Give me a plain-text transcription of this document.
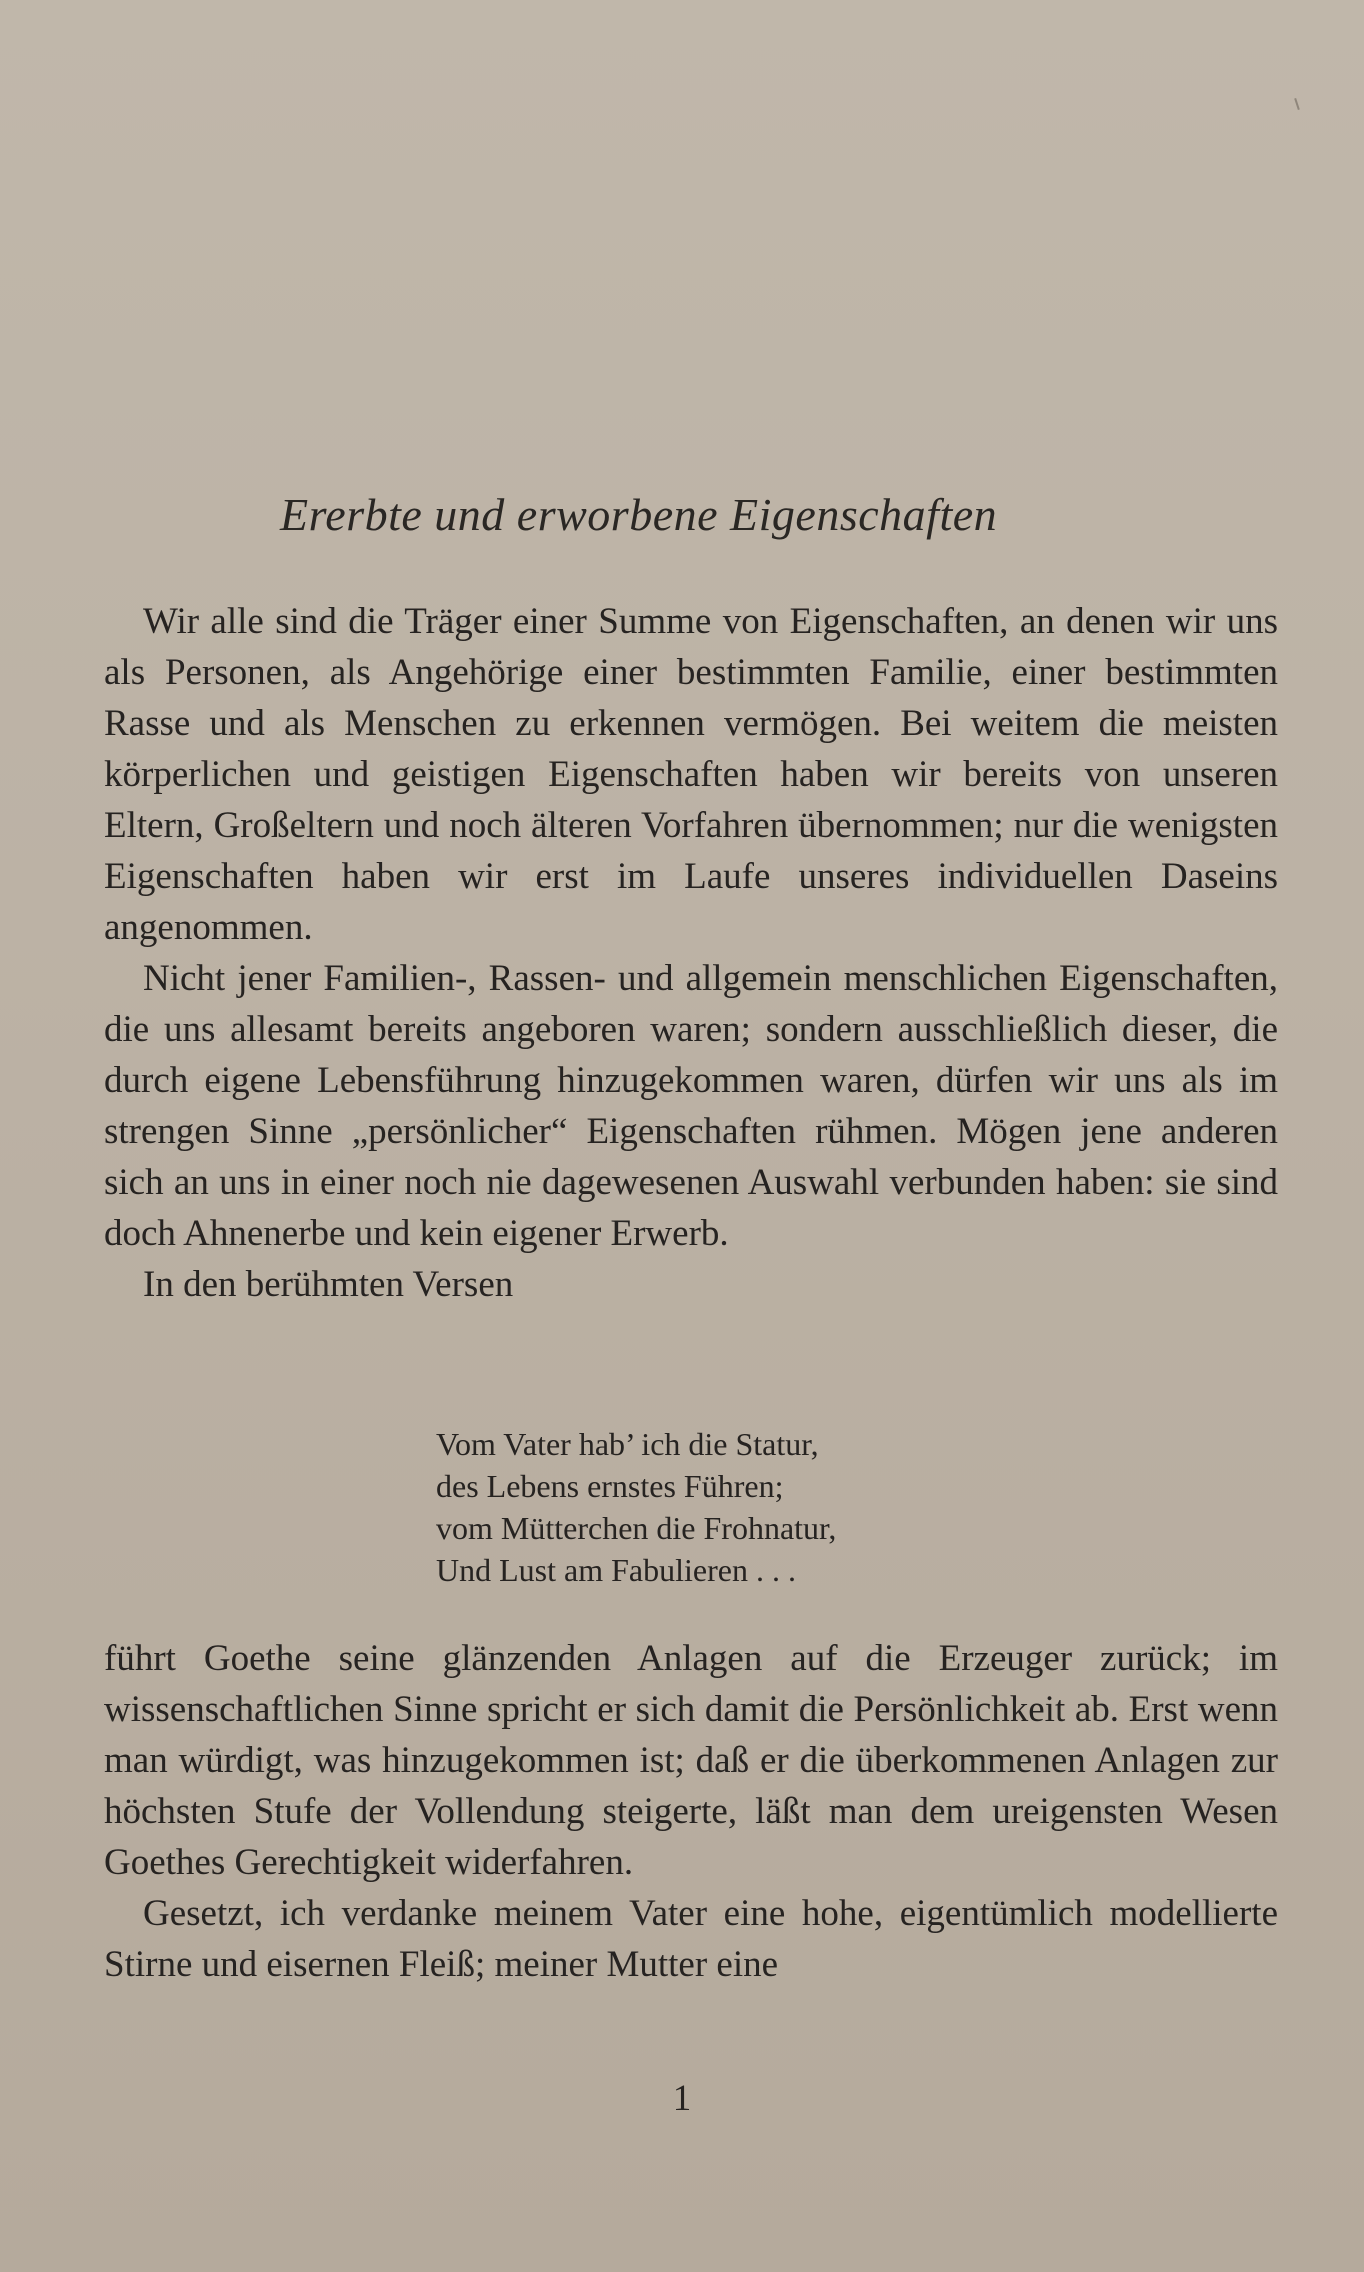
Ererbte und erworbene Eigenschaften

Wir alle sind die Träger einer Summe von Eigenschaften, an denen wir uns als Personen, als Angehörige einer bestimmten Familie, einer bestimmten Rasse und als Menschen zu erkennen vermögen. Bei weitem die meisten körperlichen und geistigen Eigenschaften haben wir bereits von unseren Eltern, Großeltern und noch älteren Vorfahren übernommen; nur die wenigsten Eigenschaften haben wir erst im Laufe unseres individuellen Daseins angenommen.

Nicht jener Familien-, Rassen- und allgemein menschlichen Eigenschaften, die uns allesamt bereits angeboren waren; sondern ausschließlich dieser, die durch eigene Lebensführung hinzugekommen waren, dürfen wir uns als im strengen Sinne „persönlicher“ Eigenschaften rühmen. Mögen jene anderen sich an uns in einer noch nie dagewesenen Auswahl verbunden haben: sie sind doch Ahnenerbe und kein eigener Erwerb.

In den berühmten Versen

Vom Vater hab’ ich die Statur,
des Lebens ernstes Führen;
vom Mütterchen die Frohnatur,
Und Lust am Fabulieren . . .

führt Goethe seine glänzenden Anlagen auf die Erzeuger zurück; im wissenschaftlichen Sinne spricht er sich damit die Persönlichkeit ab. Erst wenn man würdigt, was hinzugekommen ist; daß er die überkommenen Anlagen zur höchsten Stufe der Vollendung steigerte, läßt man dem ureigensten Wesen Goethes Gerechtigkeit widerfahren.

Gesetzt, ich verdanke meinem Vater eine hohe, eigentümlich modellierte Stirne und eisernen Fleiß; meiner Mutter eine

1
